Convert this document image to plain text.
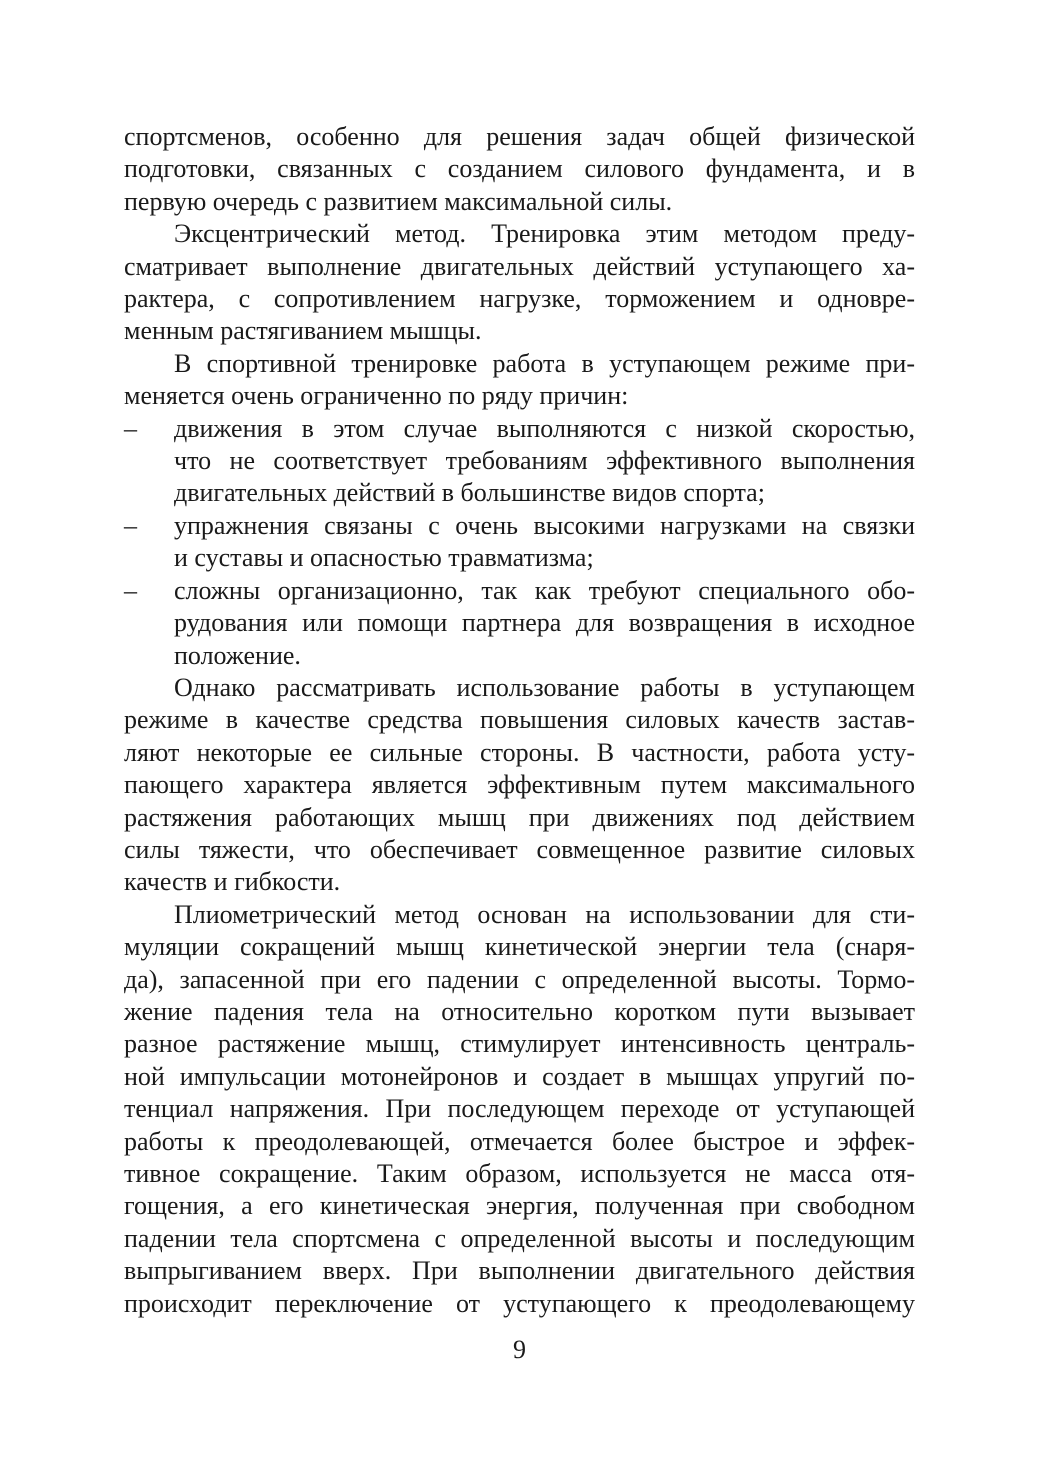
спортсменов, особенно для решения задач общей физической
подготовки, связанных с созданием силового фундамента, и в
первую очередь с развитием максимальной силы.

Эксцентрический метод. Тренировка этим методом преду-
сматривает выполнение двигательных действий уступающего ха-
рактера, с сопротивлением нагрузке, торможением и одновре-
менным растягиванием мышцы.

В спортивной тренировке работа в уступающем режиме при-
меняется очень ограниченно по ряду причин:

–	движения в этом случае выполняются с низкой скоростью,
что не соответствует требованиям эффективного выполнения
двигательных действий в большинстве видов спорта;
–	упражнения связаны с очень высокими нагрузками на связки
и суставы и опасностью травматизма;
–	сложны организационно, так как требуют специального обо-
рудования или помощи партнера для возвращения в исходное
положение.

Однако рассматривать использование работы в уступающем
режиме в качестве средства повышения силовых качеств застав-
ляют некоторые ее сильные стороны. В частности, работа усту-
пающего характера является эффективным путем максимального
растяжения работающих мышц при движениях под действием
силы тяжести, что обеспечивает совмещенное развитие силовых
качеств и гибкости.

Плиометрический метод основан на использовании для сти-
муляции сокращений мышц кинетической энергии тела (снаря-
да), запасенной при его падении с определенной высоты. Тормо-
жение падения тела на относительно коротком пути вызывает
разное растяжение мышц, стимулирует интенсивность централь-
ной импульсации мотонейронов и создает в мышцах упругий по-
тенциал напряжения. При последующем переходе от уступающей
работы к преодолевающей, отмечается более быстрое и эффек-
тивное сокращение. Таким образом, используется не масса отя-
гощения, а его кинетическая энергия, полученная при свободном
падении тела спортсмена с определенной высоты и последующим
выпрыгиванием вверх. При выполнении двигательного действия
происходит переключение от уступающего к преодолевающему

9
